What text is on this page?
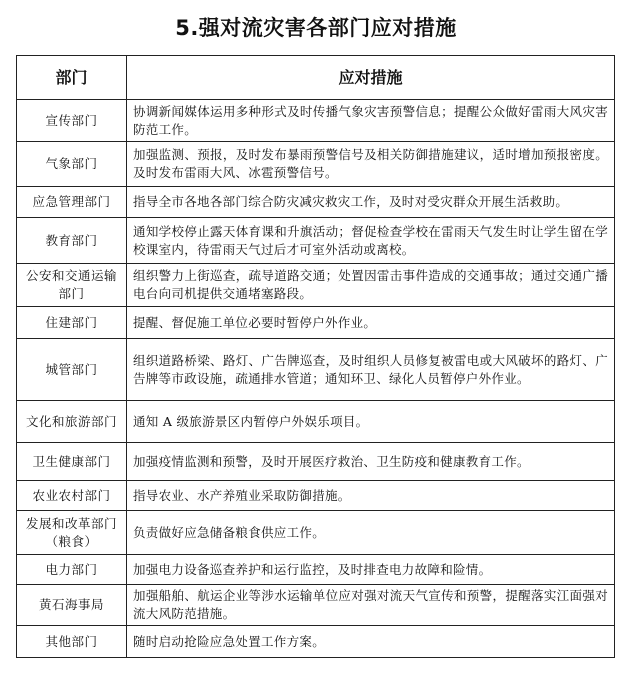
5.强对流灾害各部门应对措施
部门	应对措施
宣传部门	协调新闻媒体运用多种形式及时传播气象灾害预警信息；提醒公众做好雷雨大风灾害防范工作。
气象部门	加强监测、预报，及时发布暴雨预警信号及相关防御措施建议，适时增加预报密度。及时发布雷雨大风、冰雹预警信号。
应急管理部门	指导全市各地各部门综合防灾减灾救灾工作，及时对受灾群众开展生活救助。
教育部门	通知学校停止露天体育课和升旗活动；督促检查学校在雷雨天气发生时让学生留在学校课室内，待雷雨天气过后才可室外活动或离校。
公安和交通运输部门	组织警力上街巡查，疏导道路交通；处置因雷击事件造成的交通事故；通过交通广播电台向司机提供交通堵塞路段。
住建部门	提醒、督促施工单位必要时暂停户外作业。
城管部门	组织道路桥梁、路灯、广告牌巡查，及时组织人员修复被雷电或大风破坏的路灯、广告牌等市政设施，疏通排水管道；通知环卫、绿化人员暂停户外作业。
文化和旅游部门	通知 A 级旅游景区内暂停户外娱乐项目。
卫生健康部门	加强疫情监测和预警，及时开展医疗救治、卫生防疫和健康教育工作。
农业农村部门	指导农业、水产养殖业采取防御措施。
发展和改革部门（粮食）	负责做好应急储备粮食供应工作。
电力部门	加强电力设备巡查养护和运行监控，及时排查电力故障和险情。
黄石海事局	加强船舶、航运企业等涉水运输单位应对强对流天气宣传和预警，提醒落实江面强对流大风防范措施。
其他部门	随时启动抢险应急处置工作方案。
